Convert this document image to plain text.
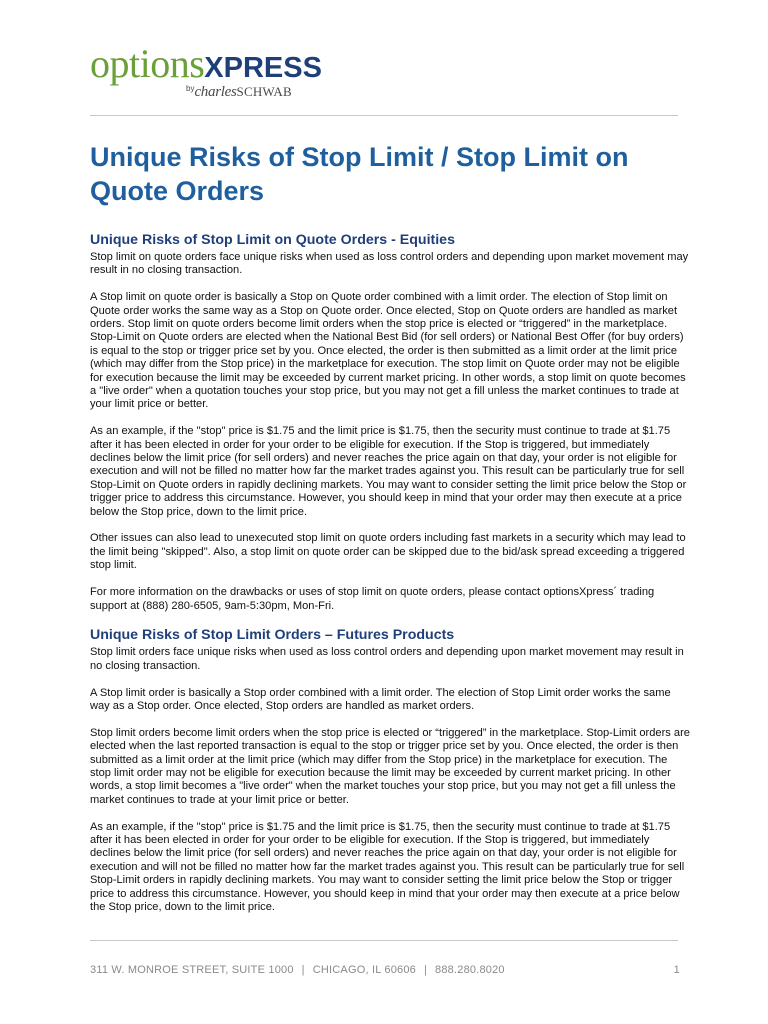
optionsXPRESS
$^{by}$charlesSCHWAB
Unique Risks of Stop Limit / Stop Limit on Quote Orders
Unique Risks of Stop Limit on Quote Orders - Equities

Stop limit on quote orders face unique risks when used as loss control orders and depending upon market movement may result in no closing transaction.

A Stop limit on quote order is basically a Stop on Quote order combined with a limit order. The election of Stop limit on Quote order works the same way as a Stop on Quote order. Once elected, Stop on Quote orders are handled as market orders. Stop limit on quote orders become limit orders when the stop price is elected or “triggered” in the marketplace. Stop-Limit on Quote orders are elected when the National Best Bid (for sell orders) or National Best Offer (for buy orders) is equal to the stop or trigger price set by you. Once elected, the order is then submitted as a limit order at the limit price (which may differ from the Stop price) in the marketplace for execution. The stop limit on Quote order may not be eligible for execution because the limit may be exceeded by current market pricing. In other words, a stop limit on quote becomes a "live order" when a quotation touches your stop price, but you may not get a fill unless the market continues to trade at your limit price or better.

As an example, if the "stop" price is $1.75 and the limit price is $1.75, then the security must continue to trade at $1.75 after it has been elected in order for your order to be eligible for execution. If the Stop is triggered, but immediately declines below the limit price (for sell orders) and never reaches the price again on that day, your order is not eligible for execution and will not be filled no matter how far the market trades against you. This result can be particularly true for sell Stop-Limit on Quote orders in rapidly declining markets. You may want to consider setting the limit price below the Stop or trigger price to address this circumstance. However, you should keep in mind that your order may then execute at a price below the Stop price, down to the limit price.

Other issues can also lead to unexecuted stop limit on quote orders including fast markets in a security which may lead to the limit being "skipped". Also, a stop limit on quote order can be skipped due to the bid/ask spread exceeding a triggered stop limit.

For more information on the drawbacks or uses of stop limit on quote orders, please contact optionsXpress´ trading support at (888) 280-6505, 9am-5:30pm, Mon-Fri.

Unique Risks of Stop Limit Orders – Futures Products

Stop limit orders face unique risks when used as loss control orders and depending upon market movement may result in no closing transaction.

A Stop limit order is basically a Stop order combined with a limit order. The election of Stop Limit order works the same way as a Stop order. Once elected, Stop orders are handled as market orders.

Stop limit orders become limit orders when the stop price is elected or “triggered” in the marketplace. Stop-Limit orders are elected when the last reported transaction is equal to the stop or trigger price set by you. Once elected, the order is then submitted as a limit order at the limit price (which may differ from the Stop price) in the marketplace for execution. The stop limit order may not be eligible for execution because the limit may be exceeded by current market pricing. In other words, a stop limit becomes a "live order" when the market touches your stop price, but you may not get a fill unless the market continues to trade at your limit price or better.

As an example, if the "stop" price is $1.75 and the limit price is $1.75, then the security must continue to trade at $1.75 after it has been elected in order for your order to be eligible for execution. If the Stop is triggered, but immediately declines below the limit price (for sell orders) and never reaches the price again on that day, your order is not eligible for execution and will not be filled no matter how far the market trades against you. This result can be particularly true for sell Stop-Limit orders in rapidly declining markets. You may want to consider setting the limit price below the Stop or trigger price to address this circumstance. However, you should keep in mind that your order may then execute at a price below the Stop price, down to the limit price.

311 W. MONROE STREET, SUITE 1000 | CHICAGO, IL 60606 | 888.280.8020	1
